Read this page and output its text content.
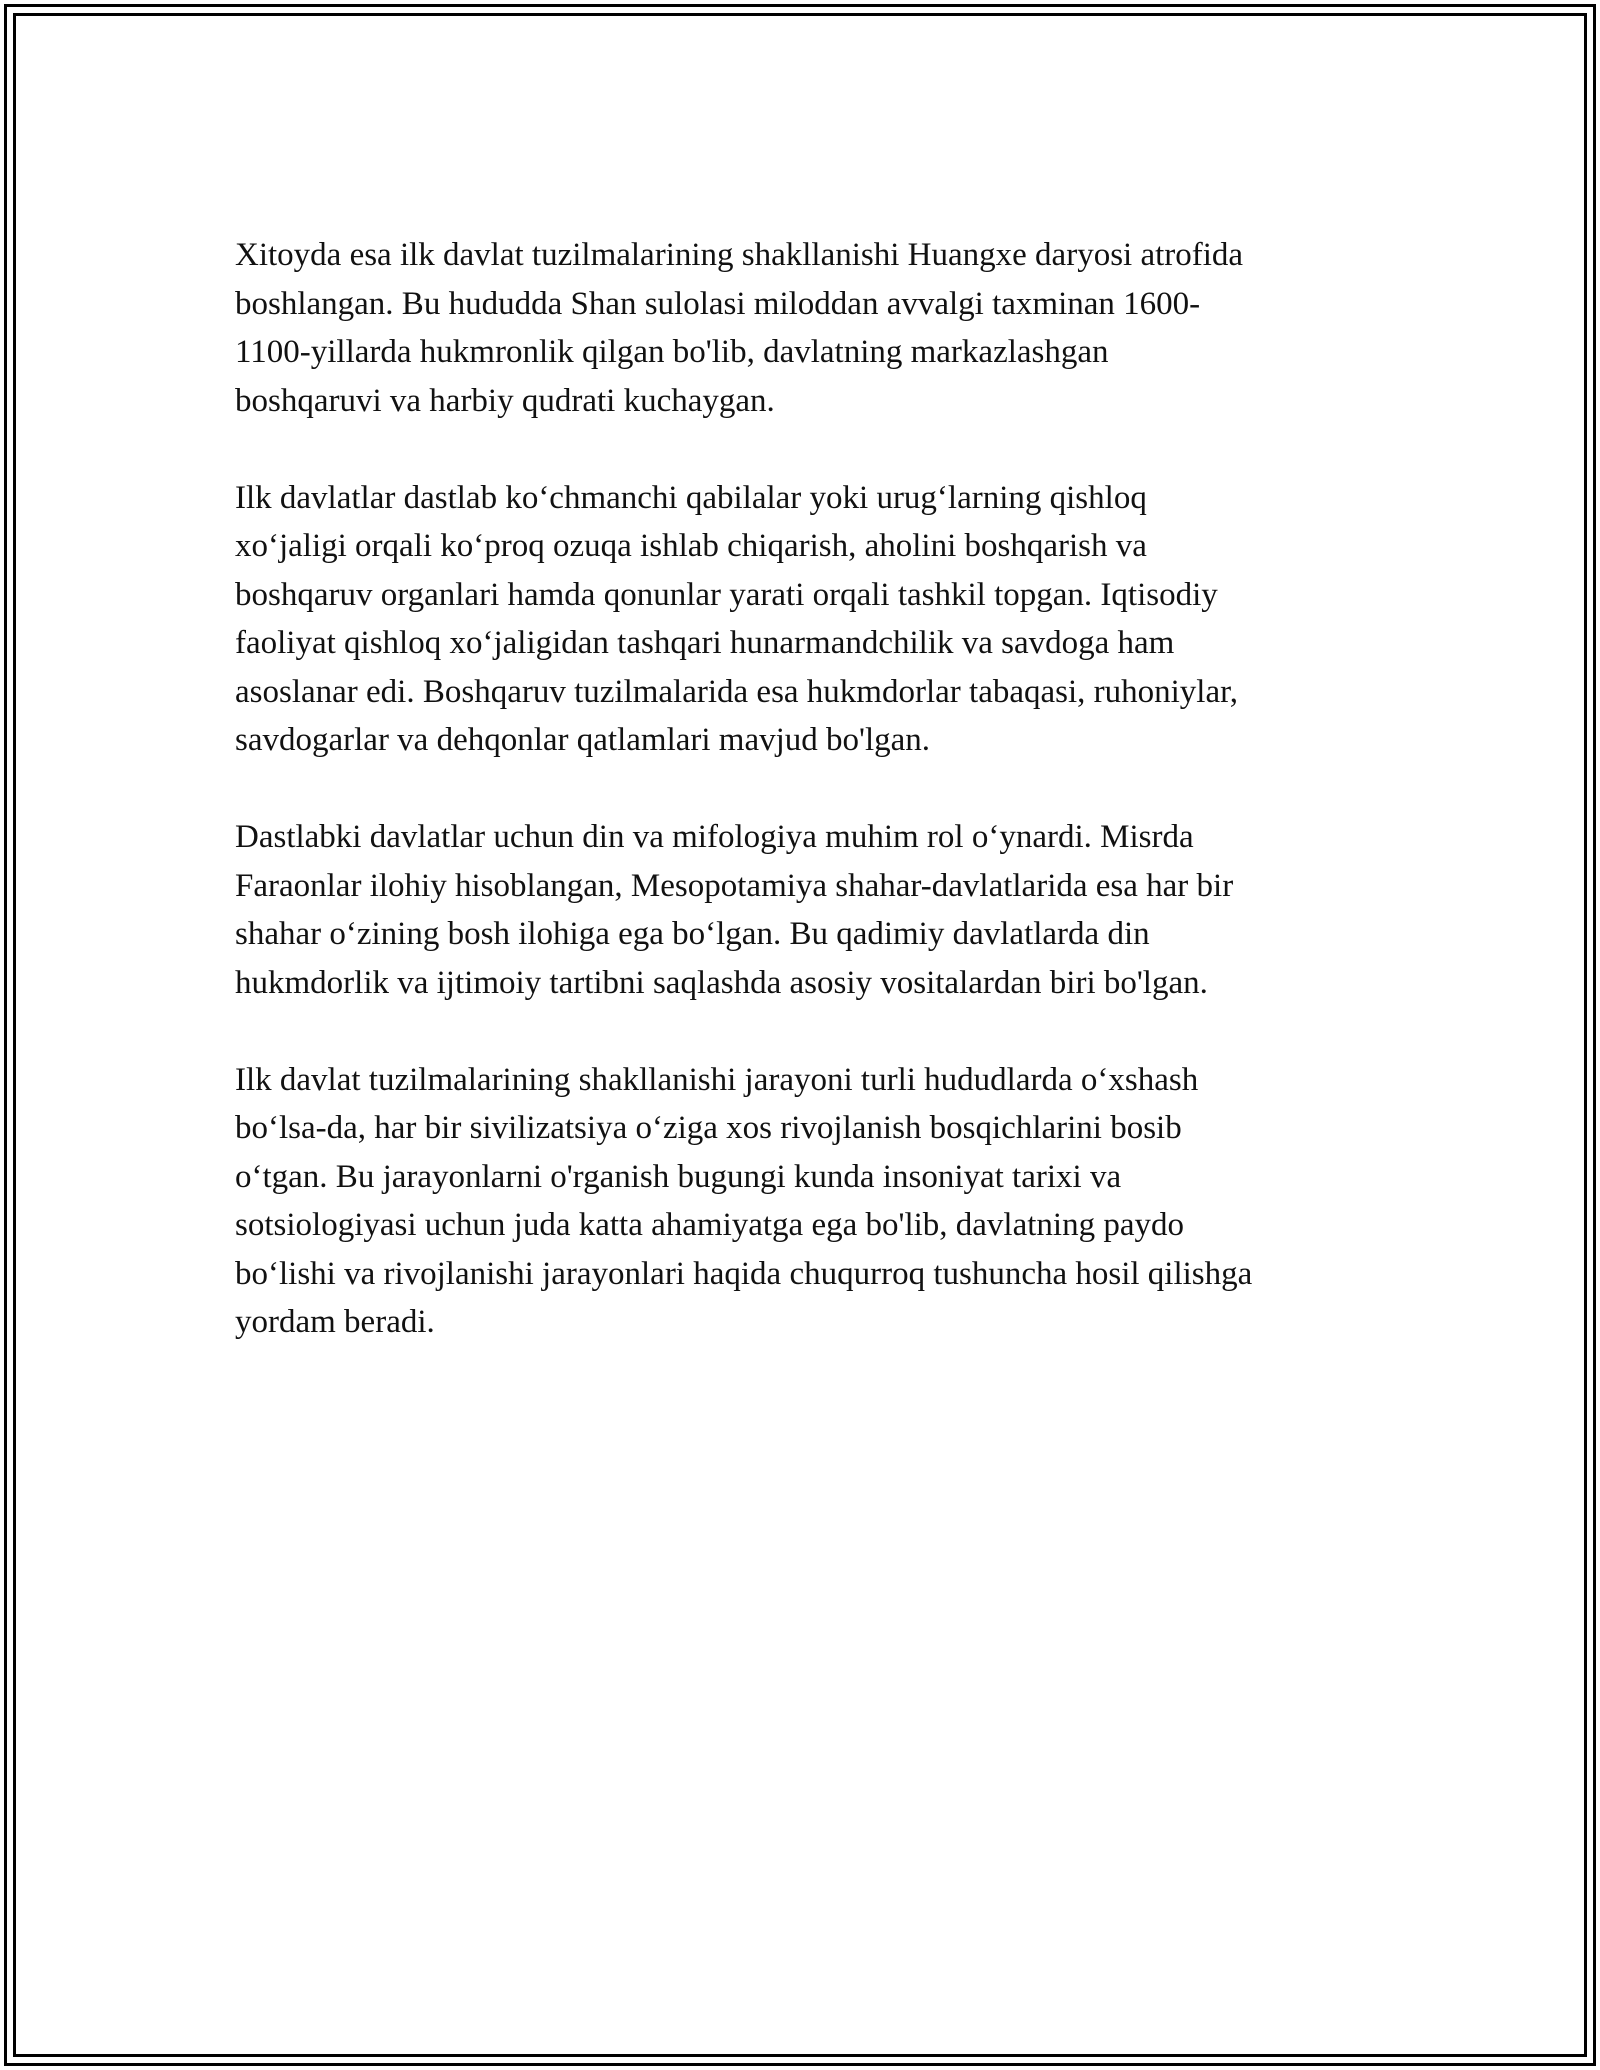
Xitoyda esa ilk davlat tuzilmalarining shakllanishi Huangxe daryosi atrofida
boshlangan. Bu hududda Shan sulolasi miloddan avvalgi taxminan 1600-
1100-yillarda hukmronlik qilgan bo'lib, davlatning markazlashgan
boshqaruvi va harbiy qudrati kuchaygan.

Ilk davlatlar dastlab ko‘chmanchi qabilalar yoki urug‘larning qishloq
xo‘jaligi orqali ko‘proq ozuqa ishlab chiqarish, aholini boshqarish va
boshqaruv organlari hamda qonunlar yarati orqali tashkil topgan. Iqtisodiy
faoliyat qishloq xo‘jaligidan tashqari hunarmandchilik va savdoga ham
asoslanar edi. Boshqaruv tuzilmalarida esa hukmdorlar tabaqasi, ruhoniylar,
savdogarlar va dehqonlar qatlamlari mavjud bo'lgan.

Dastlabki davlatlar uchun din va mifologiya muhim rol o‘ynardi. Misrda
Faraonlar ilohiy hisoblangan, Mesopotamiya shahar-davlatlarida esa har bir
shahar o‘zining bosh ilohiga ega bo‘lgan. Bu qadimiy davlatlarda din
hukmdorlik va ijtimoiy tartibni saqlashda asosiy vositalardan biri bo'lgan.

Ilk davlat tuzilmalarining shakllanishi jarayoni turli hududlarda o‘xshash
bo‘lsa-da, har bir sivilizatsiya o‘ziga xos rivojlanish bosqichlarini bosib
o‘tgan. Bu jarayonlarni o'rganish bugungi kunda insoniyat tarixi va
sotsiologiyasi uchun juda katta ahamiyatga ega bo'lib, davlatning paydo
bo‘lishi va rivojlanishi jarayonlari haqida chuqurroq tushuncha hosil qilishga
yordam beradi.
